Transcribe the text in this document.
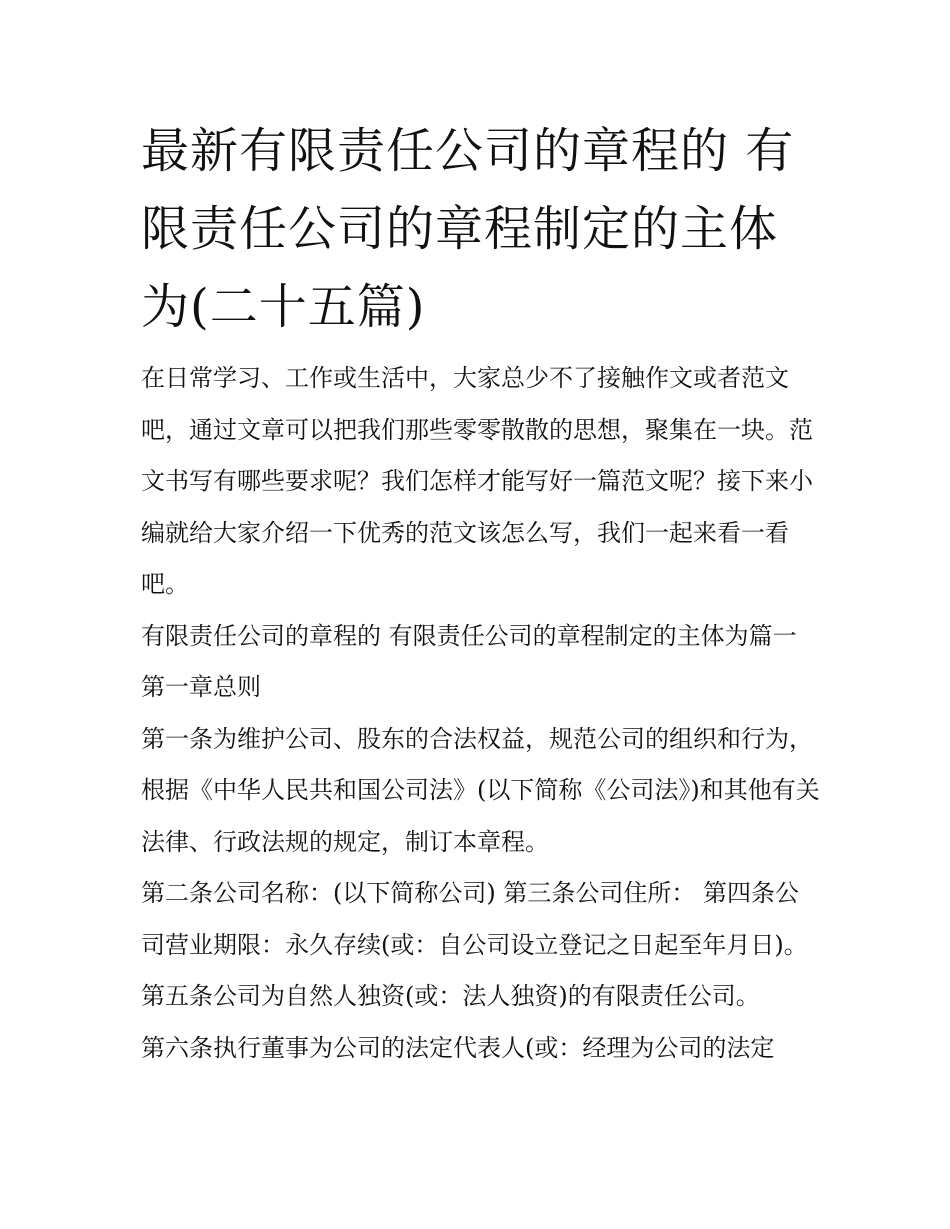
最新有限责任公司的章程的 有限责任公司的章程制定的主体为(二十五篇)

在日常学习、工作或生活中，大家总少不了接触作文或者范文吧，通过文章可以把我们那些零零散散的思想，聚集在一块。范文书写有哪些要求呢？我们怎样才能写好一篇范文呢？接下来小编就给大家介绍一下优秀的范文该怎么写，我们一起来看一看吧。

有限责任公司的章程的 有限责任公司的章程制定的主体为篇一 第一章总则

第一条为维护公司、股东的合法权益，规范公司的组织和行为，根据《中华人民共和国公司法》(以下简称《公司法》)和其他有关法律、行政法规的规定，制订本章程。

第二条公司名称：(以下简称公司) 第三条公司住所： 第四条公司营业期限：永久存续(或：自公司设立登记之日起至年月日)。

第五条公司为自然人独资(或：法人独资)的有限责任公司。

第六条执行董事为公司的法定代表人(或：经理为公司的法定
